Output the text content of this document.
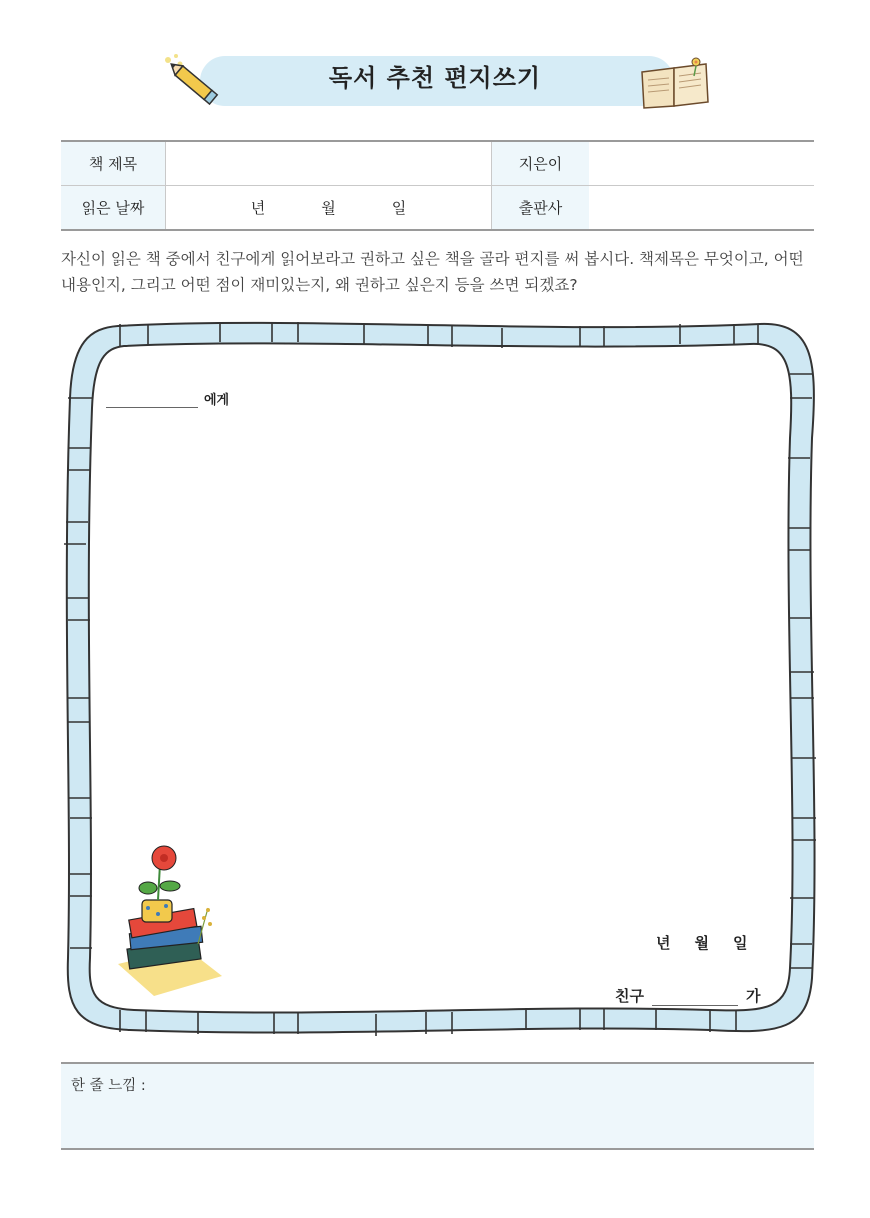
독서 추천 편지쓰기
책 제목		지은이	
읽은 날짜	년 월 일	출판사	
자신이 읽은 책 중에서 친구에게 읽어보라고 권하고 싶은 책을 골라 편지를 써 봅시다. 책제목은 무엇이고, 어떤 내용인지, 그리고 어떤 점이 재미있는지, 왜 권하고 싶은지 등을 쓰면 되겠죠?
에게
년 월 일
친구	가
한 줄 느낌 :
